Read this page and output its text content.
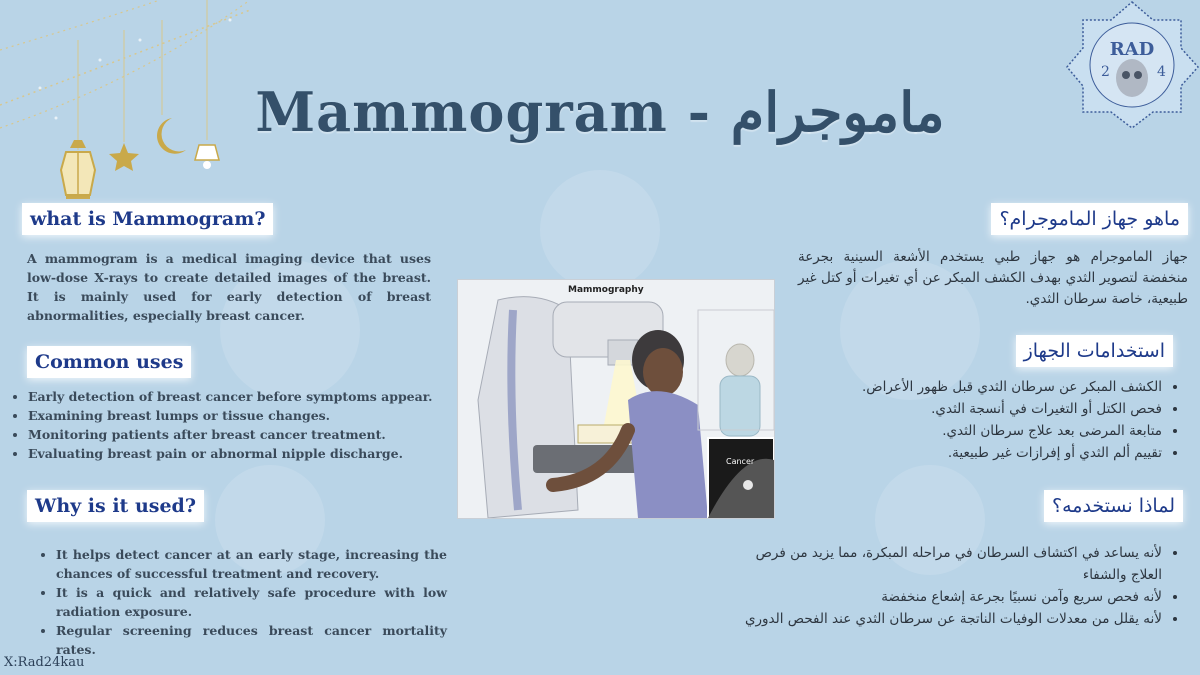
RAD
2	4
Mammogram - ماموجرام
what is Mammogram?
A mammogram is a medical imaging device that uses low-dose X-rays to create detailed images of the breast. It is mainly used for early detection of breast abnormalities, especially breast cancer.
Common uses
• Early detection of breast cancer before symptoms appear.
• Examining breast lumps or tissue changes.
• Monitoring patients after breast cancer treatment.
• Evaluating breast pain or abnormal nipple discharge.
Why is it used?
• It helps detect cancer at an early stage, increasing the chances of successful treatment and recovery.
• It is a quick and relatively safe procedure with low radiation exposure.
• Regular screening reduces breast cancer mortality rates.
Cancer
Mammography
ماهو جهاز الماموجرام؟
جهاز الماموجرام هو جهاز طبي يستخدم الأشعة السينية بجرعة منخفضة لتصوير الثدي بهدف الكشف المبكر عن أي تغيرات أو كتل غير طبيعية، خاصة سرطان الثدي.
استخدامات الجهاز
• الكشف المبكر عن سرطان الثدي قبل ظهور الأعراض.
• فحص الكتل أو التغيرات في أنسجة الثدي.
• متابعة المرضى بعد علاج سرطان الثدي.
• تقييم ألم الثدي أو إفرازات غير طبيعية.
لماذا نستخدمه؟
• لأنه يساعد في اكتشاف السرطان في مراحله المبكرة، مما يزيد من فرص العلاج والشفاء
• لأنه فحص سريع وآمن نسبيًا بجرعة إشعاع منخفضة
• لأنه يقلل من معدلات الوفيات الناتجة عن سرطان الثدي عند الفحص الدوري
X:Rad24kau
